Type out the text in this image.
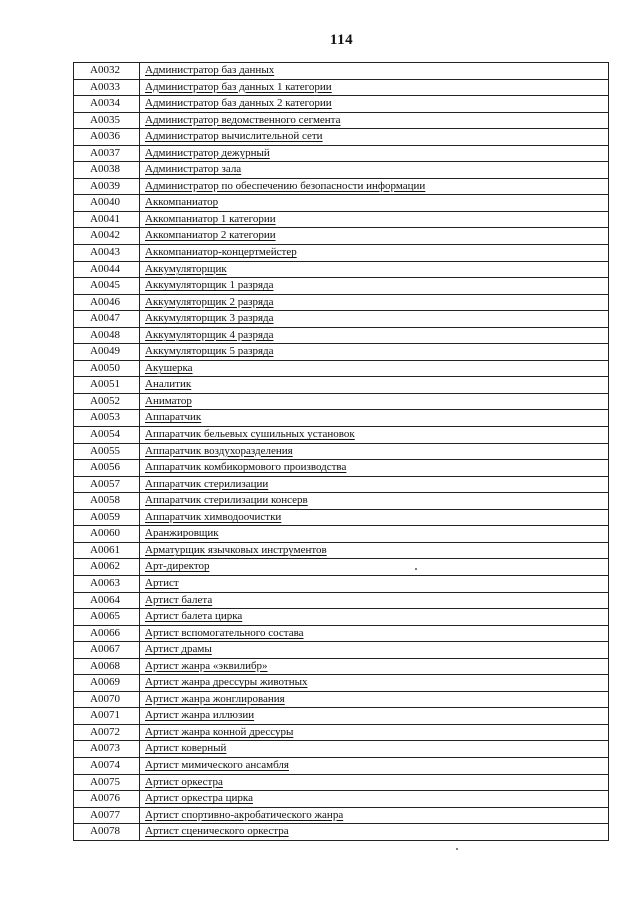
114
А0032	Администратор баз данных
А0033	Администратор баз данных 1 категории
А0034	Администратор баз данных 2 категории
А0035	Администратор ведомственного сегмента
А0036	Администратор вычислительной сети
А0037	Администратор дежурный
А0038	Администратор зала
А0039	Администратор по обеспечению безопасности информации
А0040	Аккомпаниатор
А0041	Аккомпаниатор 1 категории
А0042	Аккомпаниатор 2 категории
А0043	Аккомпаниатор-концертмейстер
А0044	Аккумуляторщик
А0045	Аккумуляторщик 1 разряда
А0046	Аккумуляторщик 2 разряда
А0047	Аккумуляторщик 3 разряда
А0048	Аккумуляторщик 4 разряда
А0049	Аккумуляторщик 5 разряда
А0050	Акушерка
А0051	Аналитик
А0052	Аниматор
А0053	Аппаратчик
А0054	Аппаратчик бельевых сушильных установок
А0055	Аппаратчик воздухоразделения
А0056	Аппаратчик комбикормового производства
А0057	Аппаратчик стерилизации
А0058	Аппаратчик стерилизации консерв
А0059	Аппаратчик химводоочистки
А0060	Аранжировщик
А0061	Арматурщик язычковых инструментов
А0062	Арт-директор
А0063	Артист
А0064	Артист балета
А0065	Артист балета цирка
А0066	Артист вспомогательного состава
А0067	Артист драмы
А0068	Артист жанра «эквилибр»
А0069	Артист жанра дрессуры животных
А0070	Артист жанра жонглирования
А0071	Артист жанра иллюзии
А0072	Артист жанра конной дрессуры
А0073	Артист коверный
А0074	Артист мимического ансамбля
А0075	Артист оркестра
А0076	Артист оркестра цирка
А0077	Артист спортивно-акробатического жанра
А0078	Артист сценического оркестра
